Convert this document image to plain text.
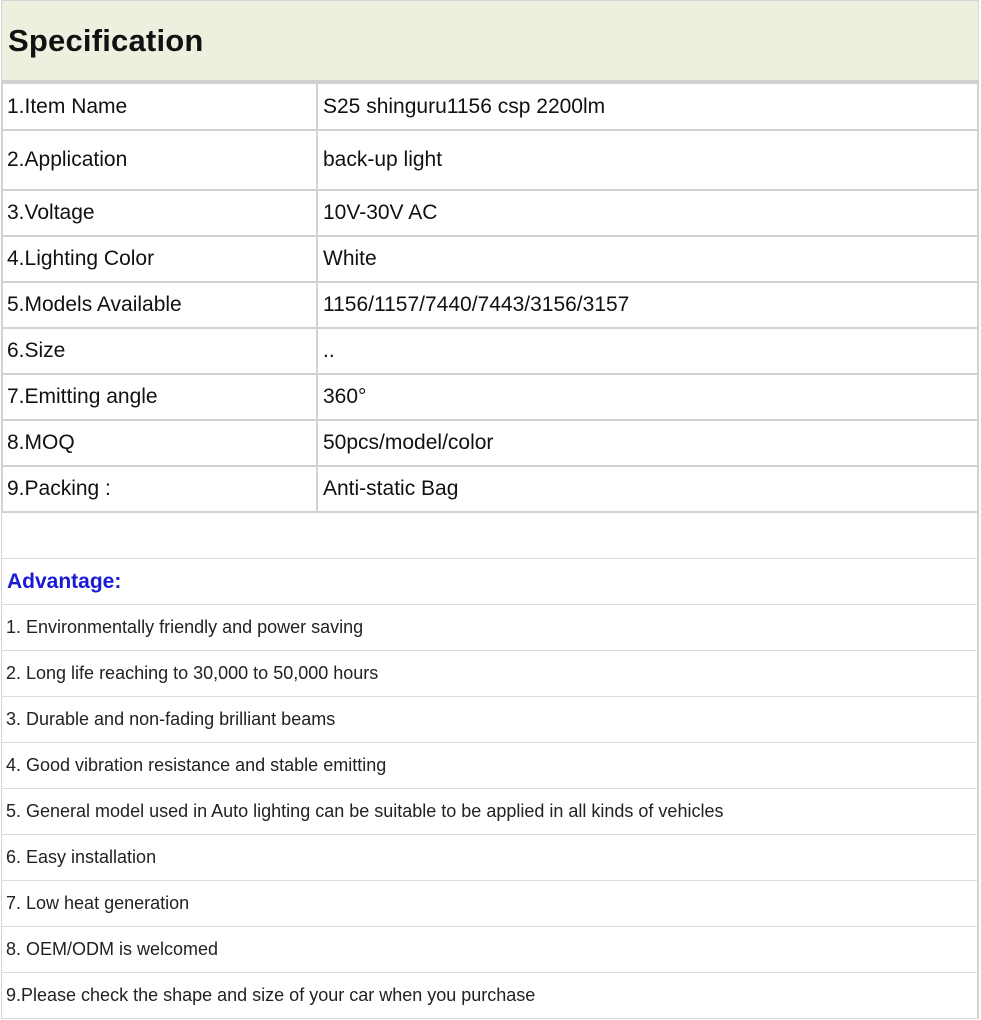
Specification
1.Item Name	S25 shinguru1156 csp 2200lm
2.Application	back-up light
3.Voltage	10V-30V AC
4.Lighting Color	White
5.Models Available	1156/1157/7440/7443/3156/3157
6.Size	..
7.Emitting angle	360°
8.MOQ	50pcs/model/color
9.Packing :	Anti-static Bag
Advantage:
1. Environmentally friendly and power saving
2. Long life reaching to 30,000 to 50,000 hours
3. Durable and non-fading brilliant beams
4. Good vibration resistance and stable emitting
5. General model used in Auto lighting can be suitable to be applied in all kinds of vehicles
6. Easy installation
7. Low heat generation
8. OEM/ODM is welcomed
9.Please check the shape and size of your car when you purchase
